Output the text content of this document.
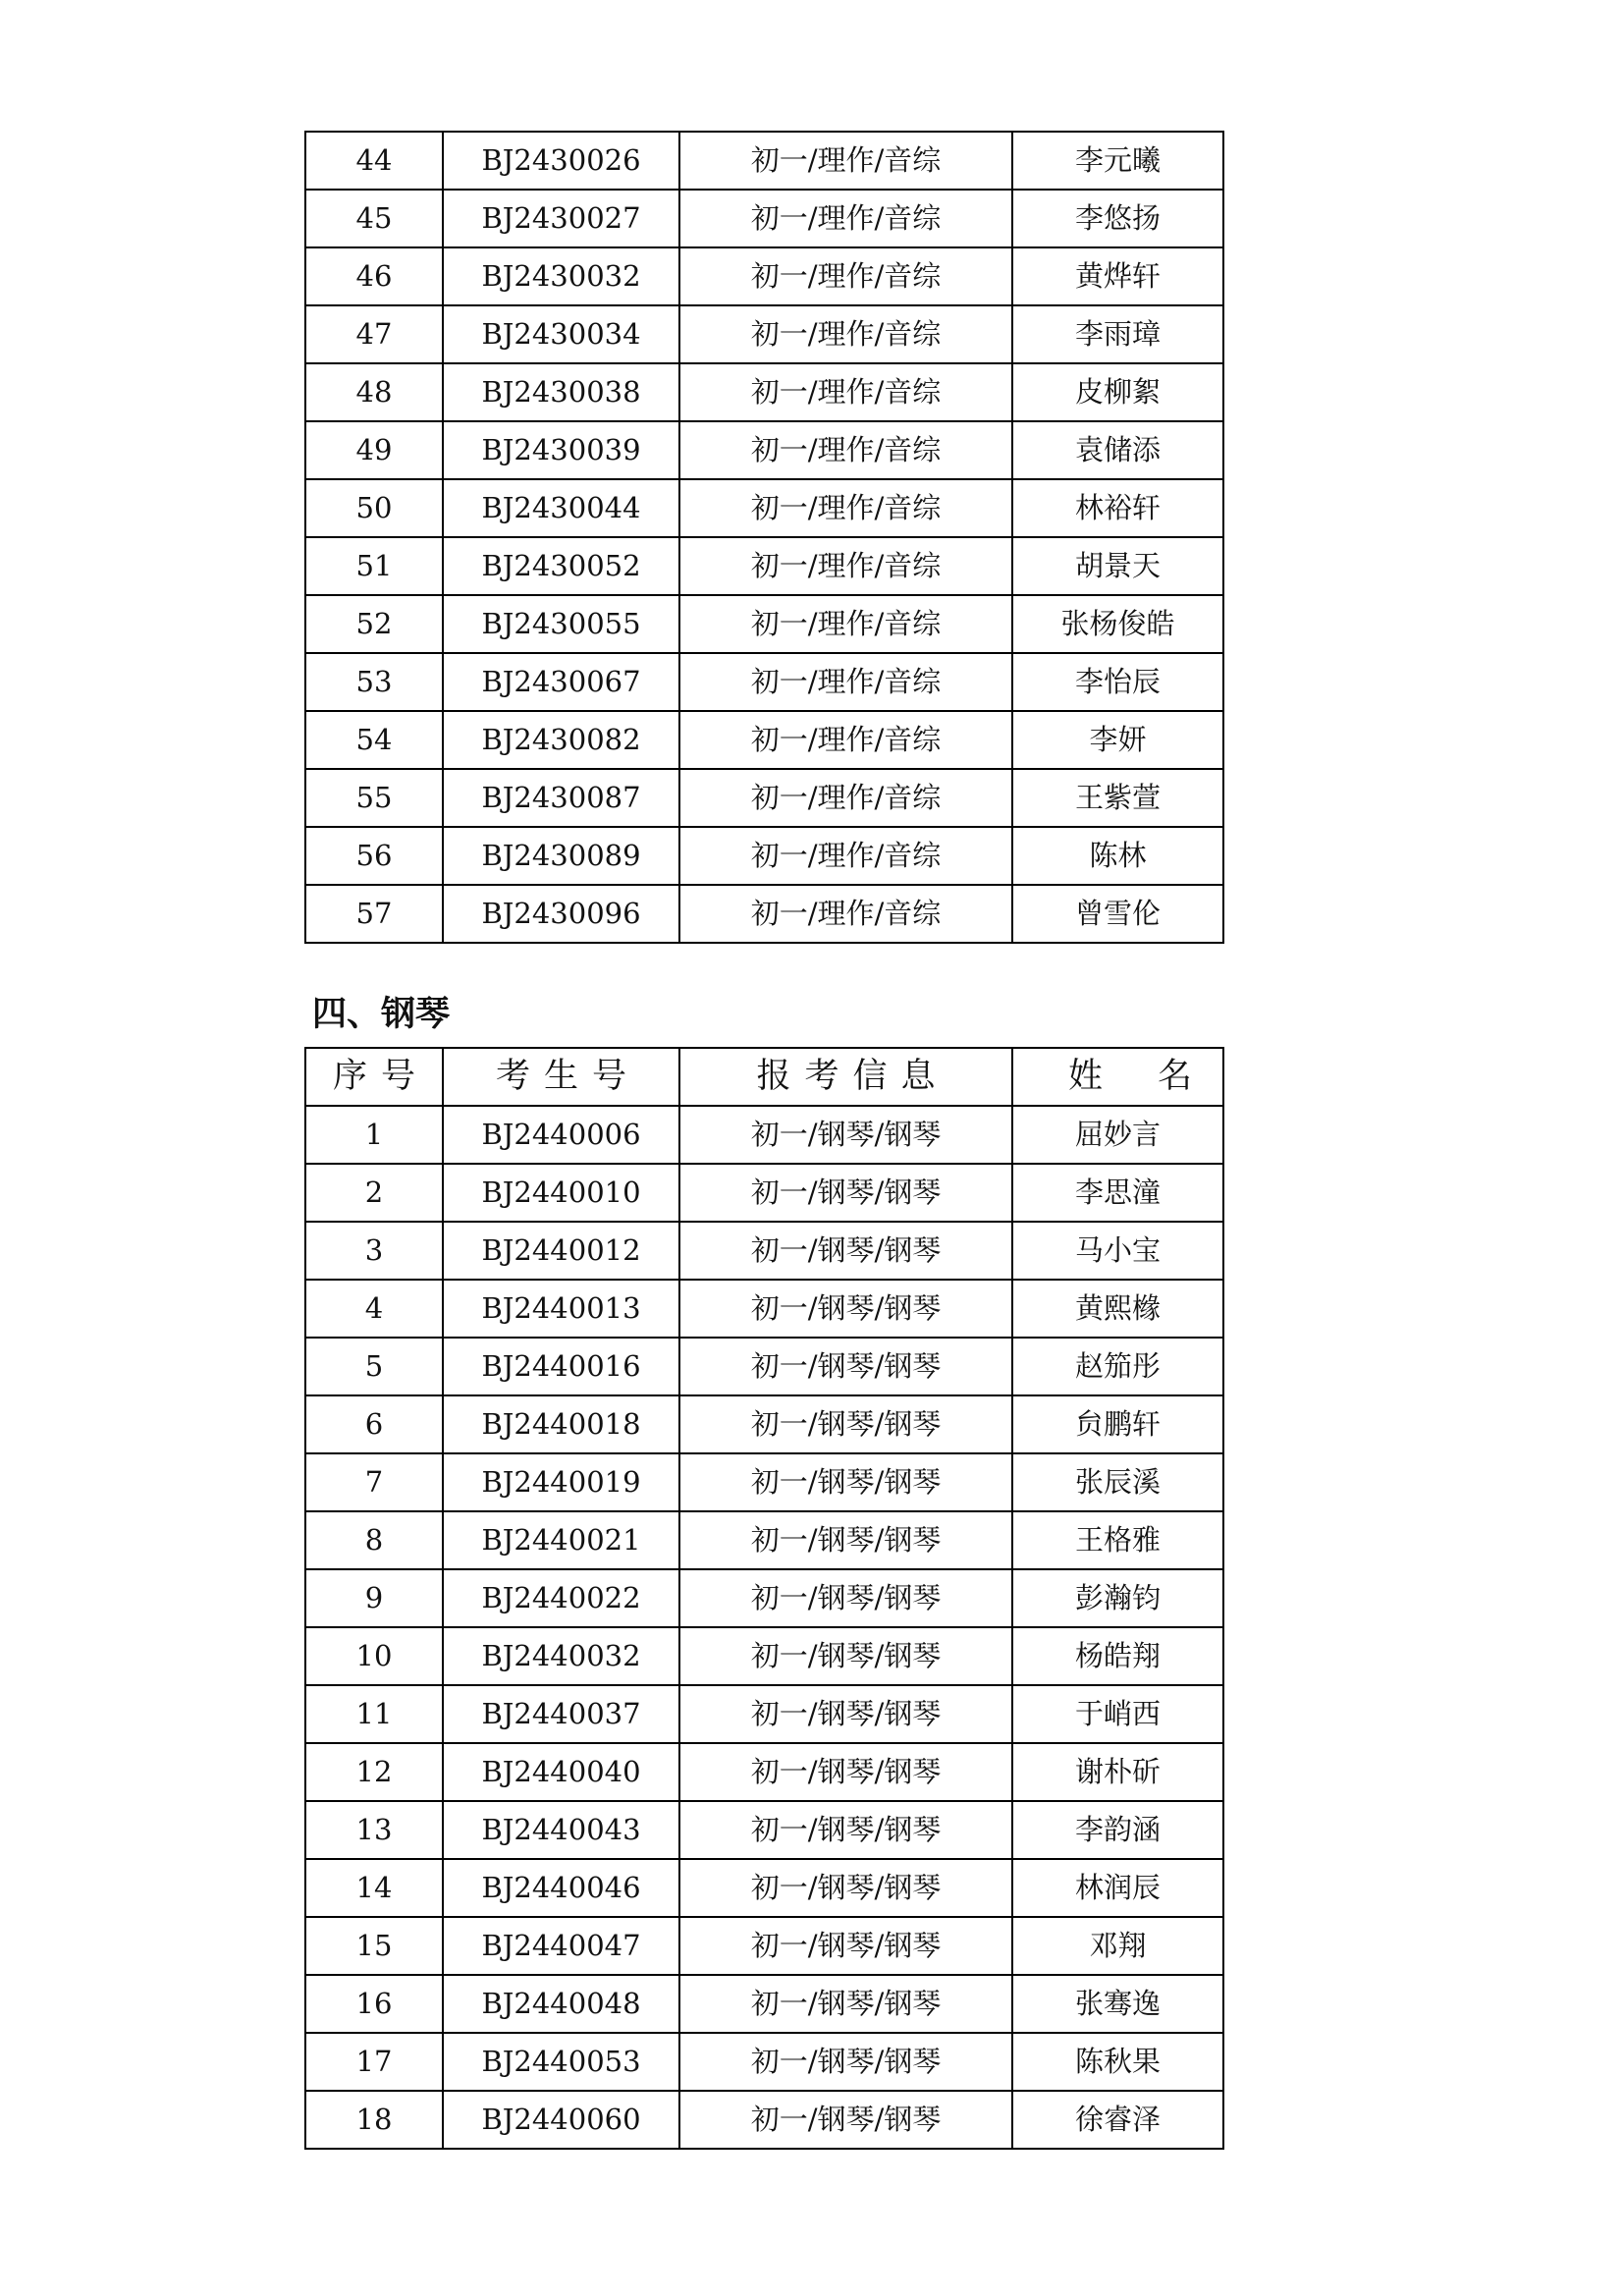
44	BJ2430026	初一/理作/音综	李元曦
45	BJ2430027	初一/理作/音综	李悠扬
46	BJ2430032	初一/理作/音综	黄烨轩
47	BJ2430034	初一/理作/音综	李雨璋
48	BJ2430038	初一/理作/音综	皮柳絮
49	BJ2430039	初一/理作/音综	袁储添
50	BJ2430044	初一/理作/音综	林裕轩
51	BJ2430052	初一/理作/音综	胡景天
52	BJ2430055	初一/理作/音综	张杨俊皓
53	BJ2430067	初一/理作/音综	李怡辰
54	BJ2430082	初一/理作/音综	李妍
55	BJ2430087	初一/理作/音综	王紫萱
56	BJ2430089	初一/理作/音综	陈林
57	BJ2430096	初一/理作/音综	曾雪伦
四、钢琴
序号	考生号	报考信息	姓名
1	BJ2440006	初一/钢琴/钢琴	屈妙言
2	BJ2440010	初一/钢琴/钢琴	李思潼
3	BJ2440012	初一/钢琴/钢琴	马小宝
4	BJ2440013	初一/钢琴/钢琴	黄熙橼
5	BJ2440016	初一/钢琴/钢琴	赵笳彤
6	BJ2440018	初一/钢琴/钢琴	贠鹏轩
7	BJ2440019	初一/钢琴/钢琴	张辰溪
8	BJ2440021	初一/钢琴/钢琴	王格雅
9	BJ2440022	初一/钢琴/钢琴	彭瀚钧
10	BJ2440032	初一/钢琴/钢琴	杨皓翔
11	BJ2440037	初一/钢琴/钢琴	于峭西
12	BJ2440040	初一/钢琴/钢琴	谢朴斫
13	BJ2440043	初一/钢琴/钢琴	李韵涵
14	BJ2440046	初一/钢琴/钢琴	林润辰
15	BJ2440047	初一/钢琴/钢琴	邓翔
16	BJ2440048	初一/钢琴/钢琴	张骞逸
17	BJ2440053	初一/钢琴/钢琴	陈秋果
18	BJ2440060	初一/钢琴/钢琴	徐睿泽
